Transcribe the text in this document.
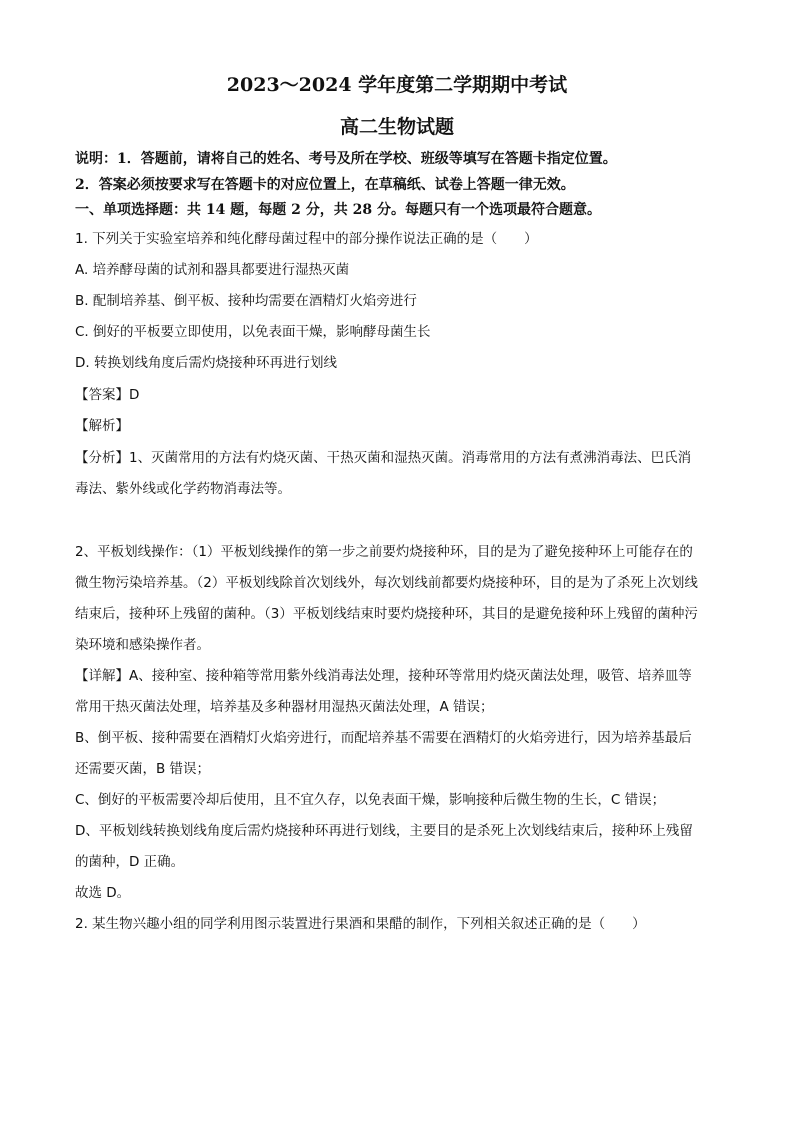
2023～2024 学年度第二学期期中考试
高二生物试题
说明：1．答题前，请将自己的姓名、考号及所在学校、班级等填写在答题卡指定位置。
2．答案必须按要求写在答题卡的对应位置上，在草稿纸、试卷上答题一律无效。
一、单项选择题：共 14 题，每题 2 分，共 28 分。每题只有一个选项最符合题意。
1. 下列关于实验室培养和纯化酵母菌过程中的部分操作说法正确的是（　　）
A. 培养酵母菌的试剂和器具都要进行湿热灭菌
B. 配制培养基、倒平板、接种均需要在酒精灯火焰旁进行
C. 倒好的平板要立即使用，以免表面干燥，影响酵母菌生长
D. 转换划线角度后需灼烧接种环再进行划线
【答案】D
【解析】
【分析】1、灭菌常用的方法有灼烧灭菌、干热灭菌和湿热灭菌。消毒常用的方法有煮沸消毒法、巴氏消
毒法、紫外线或化学药物消毒法等。
2、平板划线操作：（1）平板划线操作的第一步之前要灼烧接种环，目的是为了避免接种环上可能存在的
微生物污染培养基。（2）平板划线除首次划线外，每次划线前都要灼烧接种环，目的是为了杀死上次划线
结束后，接种环上残留的菌种。（3）平板划线结束时要灼烧接种环，其目的是避免接种环上残留的菌种污
染环境和感染操作者。
【详解】A、接种室、接种箱等常用紫外线消毒法处理，接种环等常用灼烧灭菌法处理，吸管、培养皿等
常用干热灭菌法处理，培养基及多种器材用湿热灭菌法处理，A 错误；
B、倒平板、接种需要在酒精灯火焰旁进行，而配培养基不需要在酒精灯的火焰旁进行，因为培养基最后
还需要灭菌，B 错误；
C、倒好的平板需要冷却后使用，且不宜久存，以免表面干燥，影响接种后微生物的生长，C 错误；
D、平板划线转换划线角度后需灼烧接种环再进行划线，主要目的是杀死上次划线结束后，接种环上残留
的菌种，D 正确。
故选 D。
2. 某生物兴趣小组的同学利用图示装置进行果酒和果醋的制作，下列相关叙述正确的是（　　）
